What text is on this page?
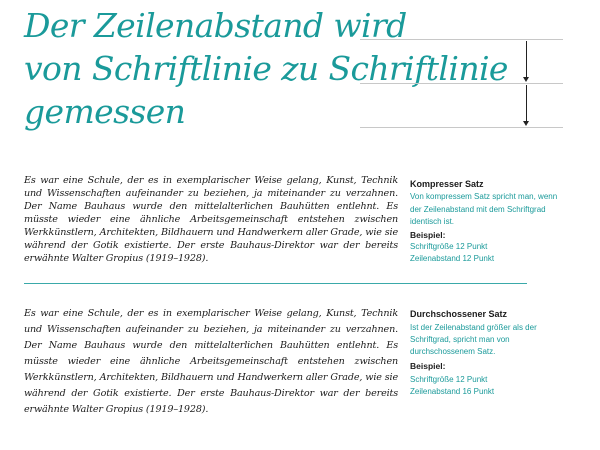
Der Zeilenabstand wird
von Schriftlinie zu Schriftlinie
gemessen

Es war eine Schule, der es in exemplarischer Weise gelang, Kunst, Technik und Wissenschaften aufeinander zu beziehen, ja miteinander zu verzahnen. Der Name Bauhaus wurde den mittelalterlichen Bauhütten entlehnt. Es müsste wieder eine ähnliche Arbeitsgemeinschaft entstehen zwischen Werkkünstlern, Architekten, Bildhauern und Handwerkern aller Grade, wie sie während der Gotik existierte. Der erste Bauhaus-Direktor war der bereits erwähnte Walter Gropius (1919–1928).

Kompresser Satz

Von kompressem Satz spricht man, wenn der Zeilenabstand mit dem Schriftgrad identisch ist.

Beispiel:

Schriftgröße 12 Punkt

Zeilenabstand 12 Punkt

Es war eine Schule, der es in exemplarischer Weise gelang, Kunst, Technik und Wissenschaften aufeinander zu beziehen, ja miteinander zu verzahnen. Der Name Bauhaus wurde den mittelalterlichen Bauhütten entlehnt. Es müsste wieder eine ähnliche Arbeitsgemeinschaft entstehen zwischen Werkkünstlern, Architekten, Bildhauern und Handwerkern aller Grade, wie sie während der Gotik existierte. Der erste Bauhaus-Direktor war der bereits erwähnte Walter Gropius (1919–1928).

Durchschossener Satz

Ist der Zeilenabstand größer als der Schriftgrad, spricht man von durchschossenem Satz.

Beispiel:

Schriftgröße 12 Punkt

Zeilenabstand 16 Punkt
